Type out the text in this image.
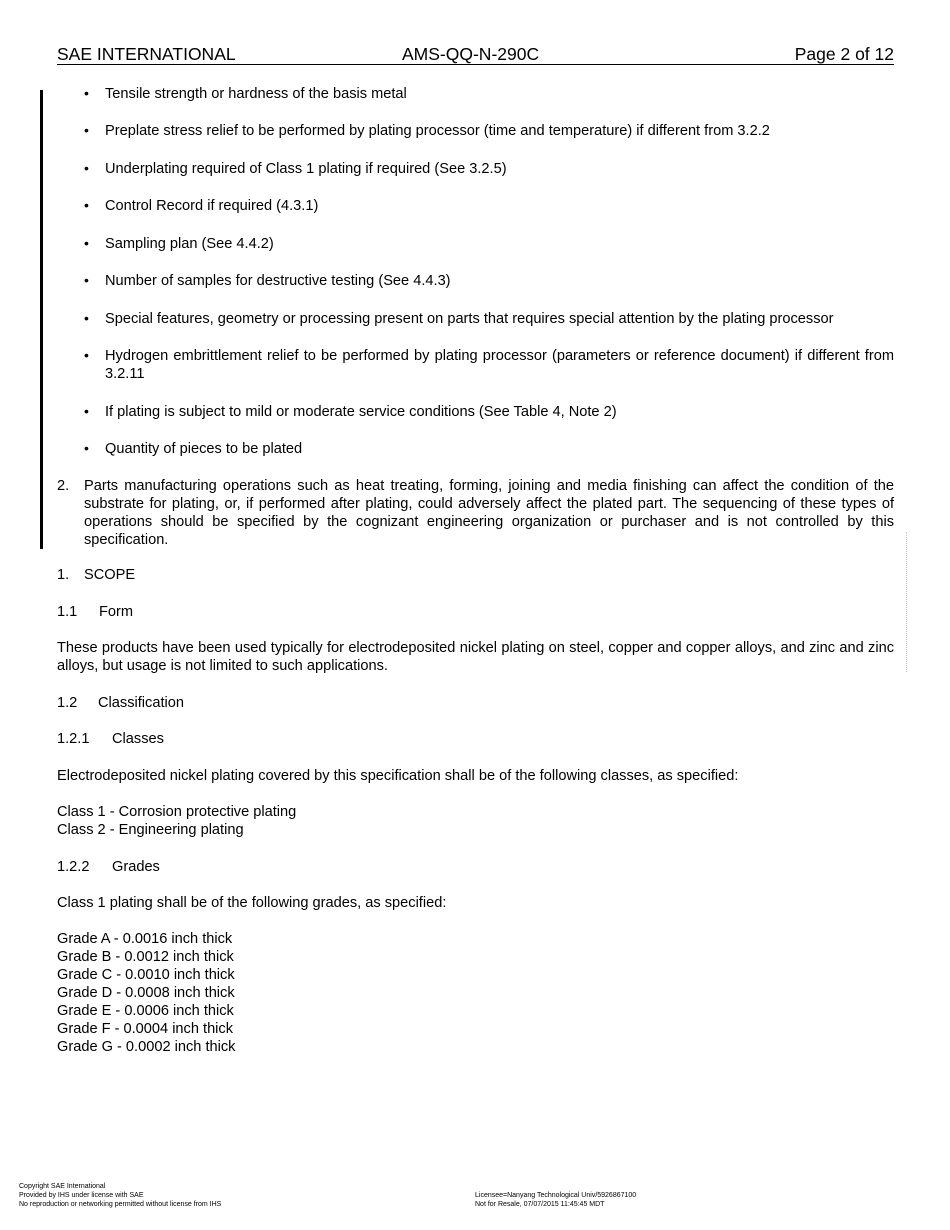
SAE INTERNATIONAL	AMS-QQ-N-290C	Page 2 of 12
• Tensile strength or hardness of the basis metal
• Preplate stress relief to be performed by plating processor (time and temperature) if different from 3.2.2
• Underplating required of Class 1 plating if required (See 3.2.5)
• Control Record if required (4.3.1)
• Sampling plan (See 4.4.2)
• Number of samples for destructive testing (See 4.4.3)
• Special features, geometry or processing present on parts that requires special attention by the plating processor
• Hydrogen embrittlement relief to be performed by plating processor (parameters or reference document) if different from 3.2.11
• If plating is subject to mild or moderate service conditions (See Table 4, Note 2)
• Quantity of pieces to be plated
2. Parts manufacturing operations such as heat treating, forming, joining and media finishing can affect the condition of the substrate for plating, or, if performed after plating, could adversely affect the plated part. The sequencing of these types of operations should be specified by the cognizant engineering organization or purchaser and is not controlled by this specification.
1. SCOPE
1.1 Form
These products have been used typically for electrodeposited nickel plating on steel, copper and copper alloys, and zinc and zinc alloys, but usage is not limited to such applications.
1.2 Classification
1.2.1 Classes
Electrodeposited nickel plating covered by this specification shall be of the following classes, as specified:
Class 1 - Corrosion protective plating
Class 2 - Engineering plating
1.2.2 Grades
Class 1 plating shall be of the following grades, as specified:
Grade A - 0.0016 inch thick
Grade B - 0.0012 inch thick
Grade C - 0.0010 inch thick
Grade D - 0.0008 inch thick
Grade E - 0.0006 inch thick
Grade F - 0.0004 inch thick
Grade G - 0.0002 inch thick
Copyright SAE International
Provided by IHS under license with SAE
No reproduction or networking permitted without license from IHS
Licensee=Nanyang Technological Univ/5926867100
Not for Resale, 07/07/2015 11:45:45 MDT
